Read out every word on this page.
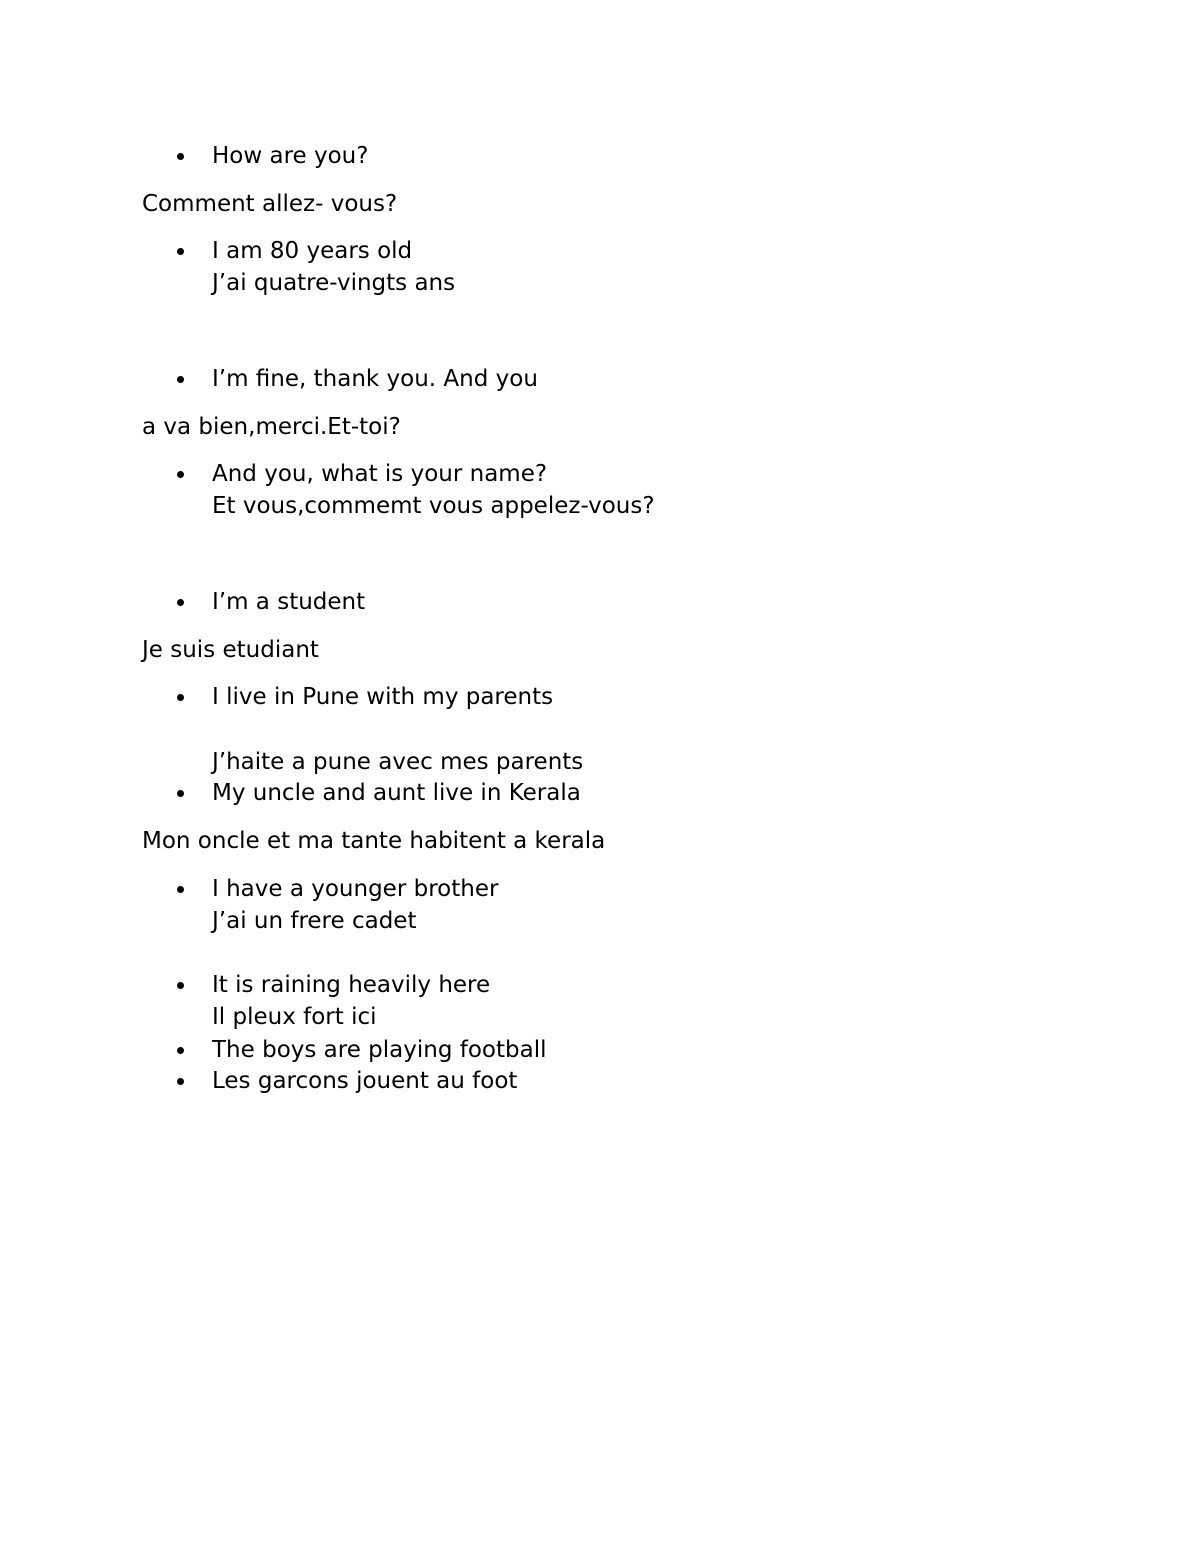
How are you?
Comment allez- vous?
I am 80 years old
J’ai quatre-vingts ans
I’m fine, thank you. And you
a va bien,merci.Et-toi?
And you, what is your name?
Et vous,commemt vous appelez-vous?
I’m a student
Je suis etudiant
I live in Pune with my parents
J’haite a pune avec mes parents
My uncle and aunt live in Kerala
Mon oncle et ma tante habitent a kerala
I have a younger brother
J’ai un frere cadet
It is raining heavily here
Il pleux fort ici
The boys are playing football
Les garcons jouent au foot
